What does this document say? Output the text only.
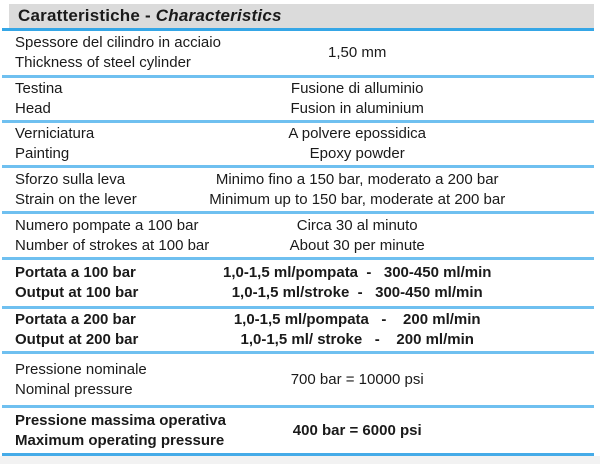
Caratteristiche - Characteristics
Spessore del cilindro in acciaio
Thickness of steel cylinder
1,50 mm
Testina
Head
Fusione di alluminio
Fusion in aluminium
Verniciatura
Painting
A polvere epossidica
Epoxy powder
Sforzo sulla leva
Strain on the lever
Minimo fino a 150 bar, moderato a 200 bar
Minimum up to 150 bar, moderate at 200 bar
Numero pompate a 100 bar
Number of strokes at 100 bar
Circa 30 al minuto
About 30 per minute
Portata a 100 bar
Output at 100 bar
1,0-1,5 ml/pompata  -   300-450 ml/min
1,0-1,5 ml/stroke  -   300-450 ml/min
Portata a 200 bar
Output at 200 bar
1,0-1,5 ml/pompata   -    200 ml/min
1,0-1,5 ml/ stroke   -    200 ml/min
Pressione nominale
Nominal pressure
700 bar = 10000 psi
Pressione massima operativa
Maximum operating pressure
400 bar = 6000 psi
